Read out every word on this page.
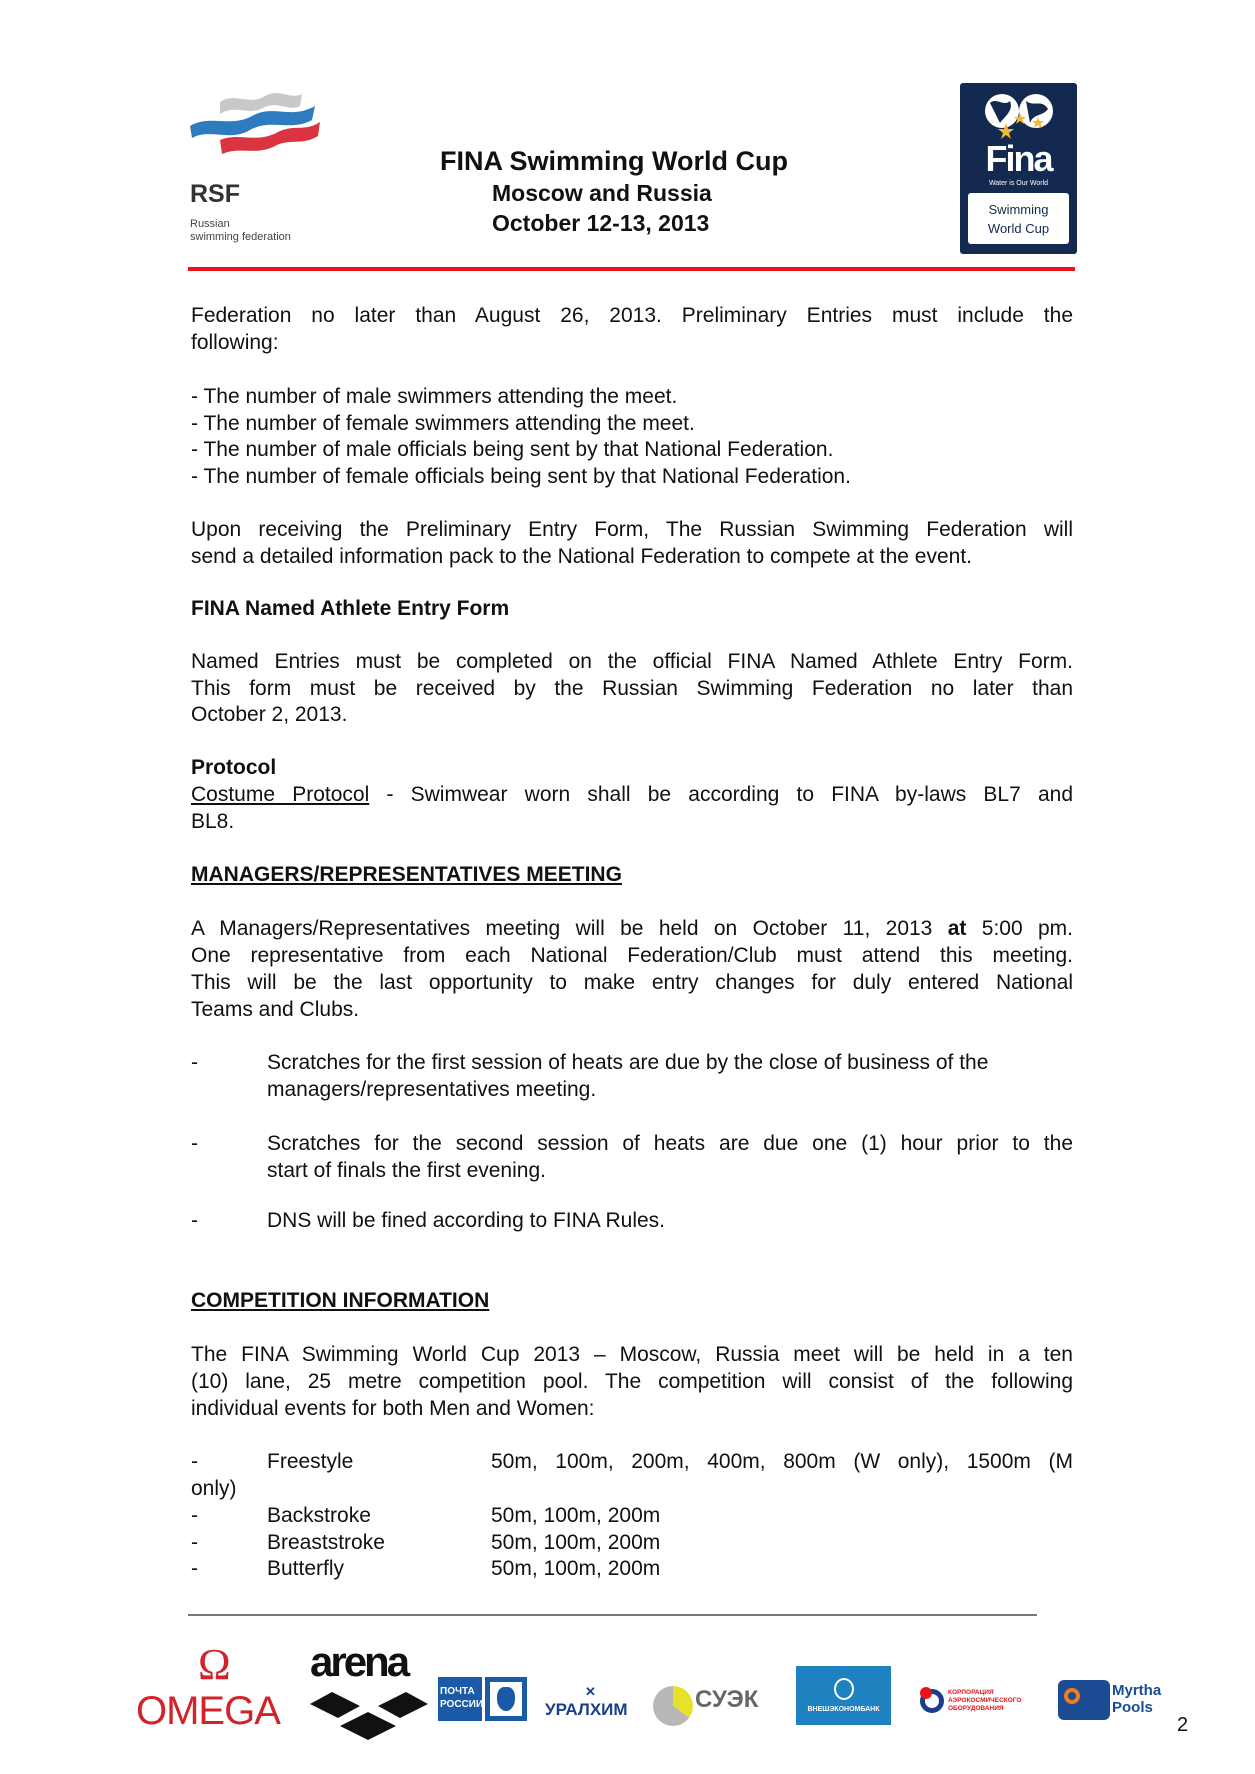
RSF
Russian
swimming federation
FINA Swimming World Cup
Moscow and Russia
October 12-13, 2013
Fina
Water is Our World
Swimming
World Cup
Federation no later than August 26, 2013. Preliminary Entries must include the
following:
- The number of male swimmers attending the meet.
- The number of female swimmers attending the meet.
- The number of male officials being sent by that National Federation.
- The number of female officials being sent by that National Federation.
Upon receiving the Preliminary Entry Form, The Russian Swimming Federation will
send a detailed information pack to the National Federation to compete at the event.
FINA Named Athlete Entry Form
Named Entries must be completed on the official FINA Named Athlete Entry Form.
This form must be received by the Russian Swimming Federation no later than
October 2, 2013.
Protocol
Costume Protocol - Swimwear worn shall be according to FINA by-laws BL7 and
BL8.
MANAGERS/REPRESENTATIVES MEETING
A Managers/Representatives meeting will be held on October 11, 2013 at 5:00 pm.
One representative from each National Federation/Club must attend this meeting.
This will be the last opportunity to make entry changes for duly entered National
Teams and Clubs.
-	Scratches for the first session of heats are due by the close of business of the
managers/representatives meeting.
-	Scratches for the second session of heats are due one (1) hour prior to the
start of finals the first evening.
-	DNS will be fined according to FINA Rules.
COMPETITION INFORMATION
The FINA Swimming World Cup 2013 – Moscow, Russia meet will be held in a ten
(10) lane, 25 metre competition pool. The competition will consist of the following
individual events for both Men and Women:
-	Freestyle	50m, 100m, 200m, 400m, 800m (W only), 1500m (M
only)
-	Backstroke	50m, 100m, 200m
-	Breaststroke	50m, 100m, 200m
-	Butterfly	50m, 100m, 200m
Ω
OMEGA
arena
ПОЧТА РОССИИ
✕
УРАЛХИМ	СУЭК	ВНЕШЭКОНОМБАНК
КОРПОРАЦИЯ АЭРОКОСМИЧЕСКОГО ОБОРУДОВАНИЯ
Myrtha Pools
2
